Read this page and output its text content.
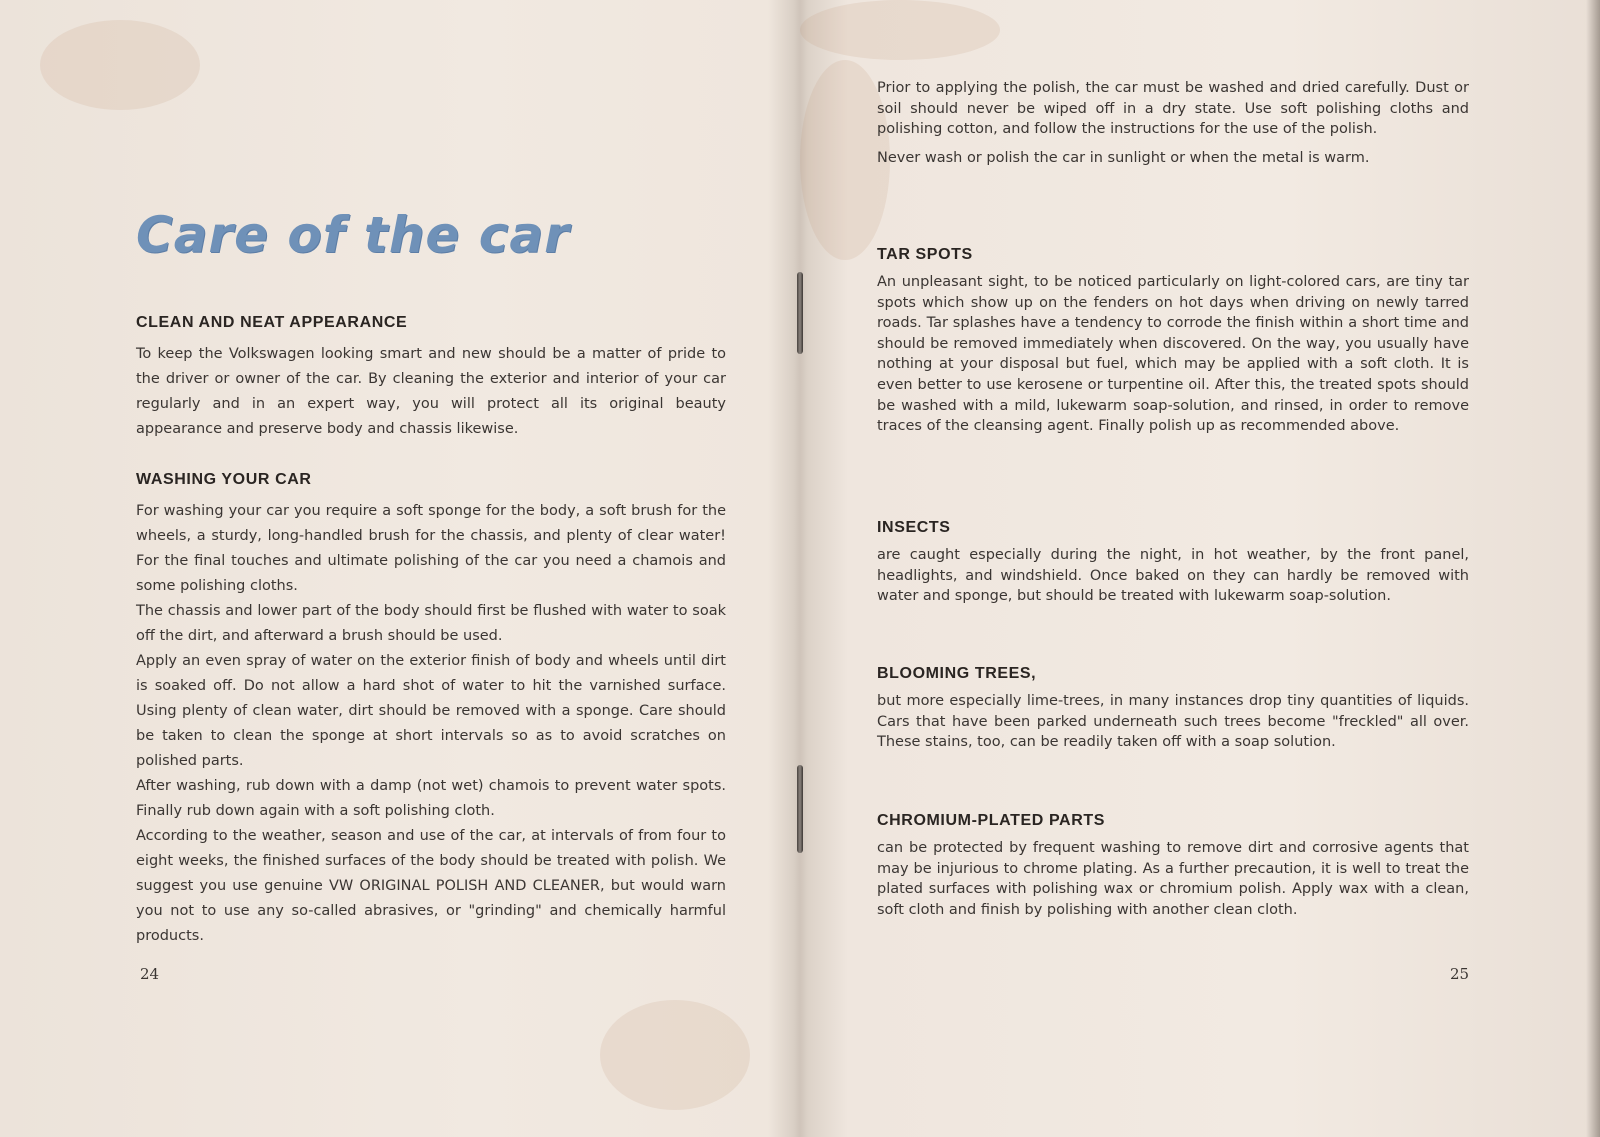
Care of the car
CLEAN AND NEAT APPEARANCE

To keep the Volkswagen looking smart and new should be a matter of pride to the driver or owner of the car. By cleaning the exterior and interior of your car regularly and in an expert way, you will protect all its original beauty appearance and preserve body and chassis likewise.

WASHING YOUR CAR

For washing your car you require a soft sponge for the body, a soft brush for the wheels, a sturdy, long-handled brush for the chassis, and plenty of clear water! For the final touches and ultimate polishing of the car you need a chamois and some polishing cloths.

The chassis and lower part of the body should first be flushed with water to soak off the dirt, and afterward a brush should be used.

Apply an even spray of water on the exterior finish of body and wheels until dirt is soaked off. Do not allow a hard shot of water to hit the varnished surface. Using plenty of clean water, dirt should be removed with a sponge. Care should be taken to clean the sponge at short intervals so as to avoid scratches on polished parts.

After washing, rub down with a damp (not wet) chamois to prevent water spots. Finally rub down again with a soft polishing cloth.

According to the weather, season and use of the car, at intervals of from four to eight weeks, the finished surfaces of the body should be treated with polish. We suggest you use genuine VW ORIGINAL POLISH AND CLEANER, but would warn you not to use any so-called abrasives, or "grinding" and chemically harmful products.

24

Prior to applying the polish, the car must be washed and dried carefully. Dust or soil should never be wiped off in a dry state. Use soft polishing cloths and polishing cotton, and follow the instructions for the use of the polish.

Never wash or polish the car in sunlight or when the metal is warm.

TAR SPOTS

An unpleasant sight, to be noticed particularly on light-colored cars, are tiny tar spots which show up on the fenders on hot days when driving on newly tarred roads. Tar splashes have a tendency to corrode the finish within a short time and should be removed immediately when discovered. On the way, you usually have nothing at your disposal but fuel, which may be applied with a soft cloth. It is even better to use kerosene or turpentine oil. After this, the treated spots should be washed with a mild, lukewarm soap-solution, and rinsed, in order to remove traces of the cleansing agent. Finally polish up as recommended above.

INSECTS

are caught especially during the night, in hot weather, by the front panel, headlights, and windshield. Once baked on they can hardly be removed with water and sponge, but should be treated with lukewarm soap-solution.

BLOOMING TREES,

but more especially lime-trees, in many instances drop tiny quantities of liquids. Cars that have been parked underneath such trees become "freckled" all over. These stains, too, can be readily taken off with a soap solution.

CHROMIUM-PLATED PARTS

can be protected by frequent washing to remove dirt and corrosive agents that may be injurious to chrome plating. As a further precaution, it is well to treat the plated surfaces with polishing wax or chromium polish. Apply wax with a clean, soft cloth and finish by polishing with another clean cloth.

25
